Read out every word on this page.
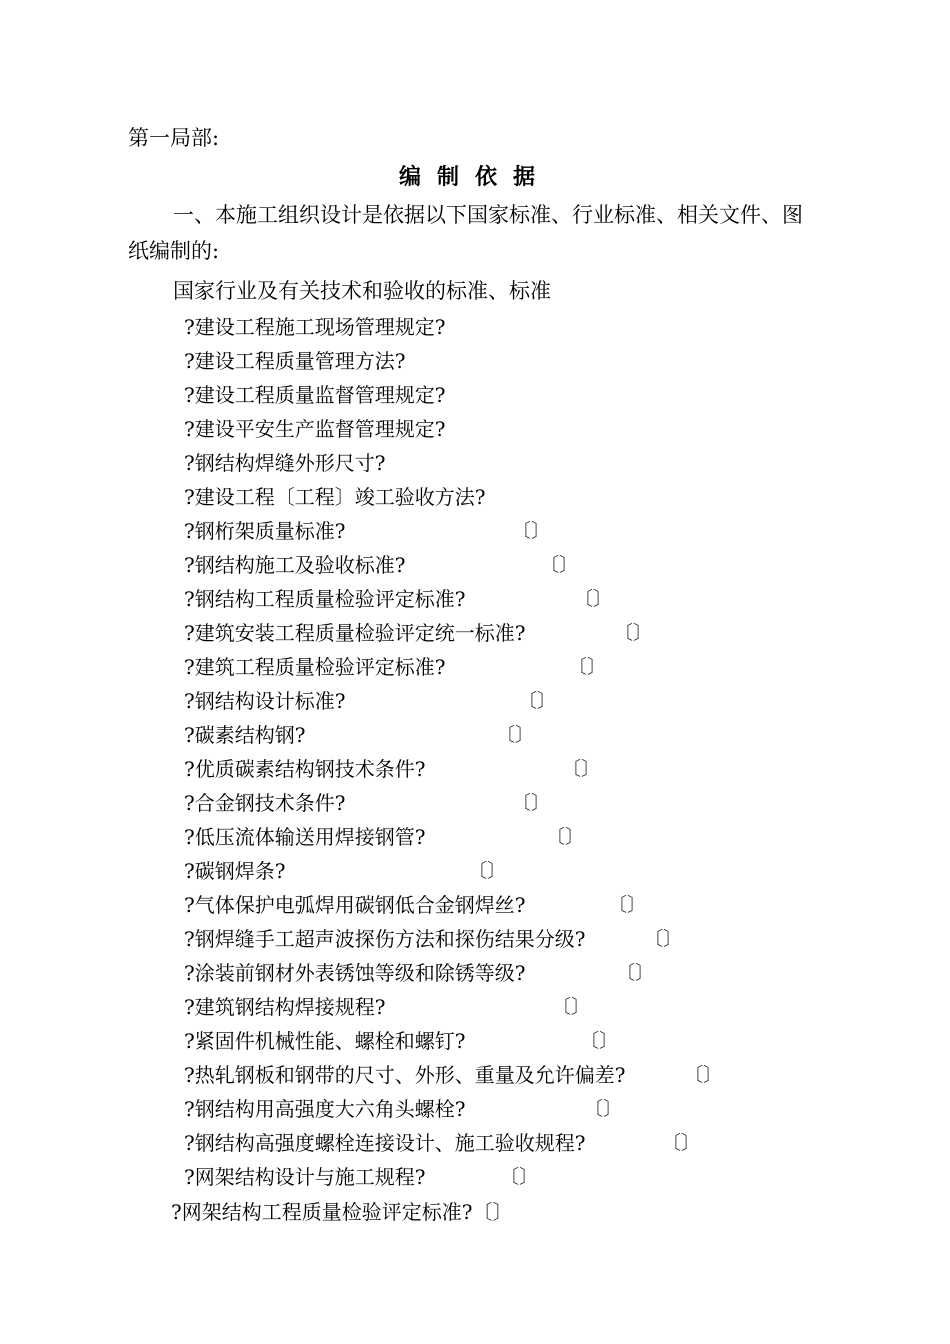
第一局部:
编制依据
一、本施工组织设计是依据以下国家标准、行业标准、相关文件、图
纸编制的:
国家行业及有关技术和验收的标准、标准
?建设工程施工现场管理规定?
?建设工程质量管理方法?
?建设工程质量监督管理规定?
?建设平安生产监督管理规定?
?钢结构焊缝外形尺寸?
?建设工程〔工程〕竣工验收方法?
?钢桁架质量标准?	〔〕
?钢结构施工及验收标准?	〔〕
?钢结构工程质量检验评定标准?	〔〕
?建筑安装工程质量检验评定统一标准?	〔〕
?建筑工程质量检验评定标准?	〔〕
?钢结构设计标准?	〔〕
?碳素结构钢?	〔〕
?优质碳素结构钢技术条件?	〔〕
?合金钢技术条件?	〔〕
?低压流体输送用焊接钢管?	〔〕
?碳钢焊条?	〔〕
?气体保护电弧焊用碳钢低合金钢焊丝?	〔〕
?钢焊缝手工超声波探伤方法和探伤结果分级?	〔〕
?涂装前钢材外表锈蚀等级和除锈等级?	〔〕
?建筑钢结构焊接规程?	〔〕
?紧固件机械性能、螺栓和螺钉?	〔〕
?热轧钢板和钢带的尺寸、外形、重量及允许偏差?	〔〕
?钢结构用高强度大六角头螺栓?	〔〕
?钢结构高强度螺栓连接设计、施工验收规程?	〔〕
?网架结构设计与施工规程?	〔〕
?网架结构工程质量检验评定标准?〔〕
